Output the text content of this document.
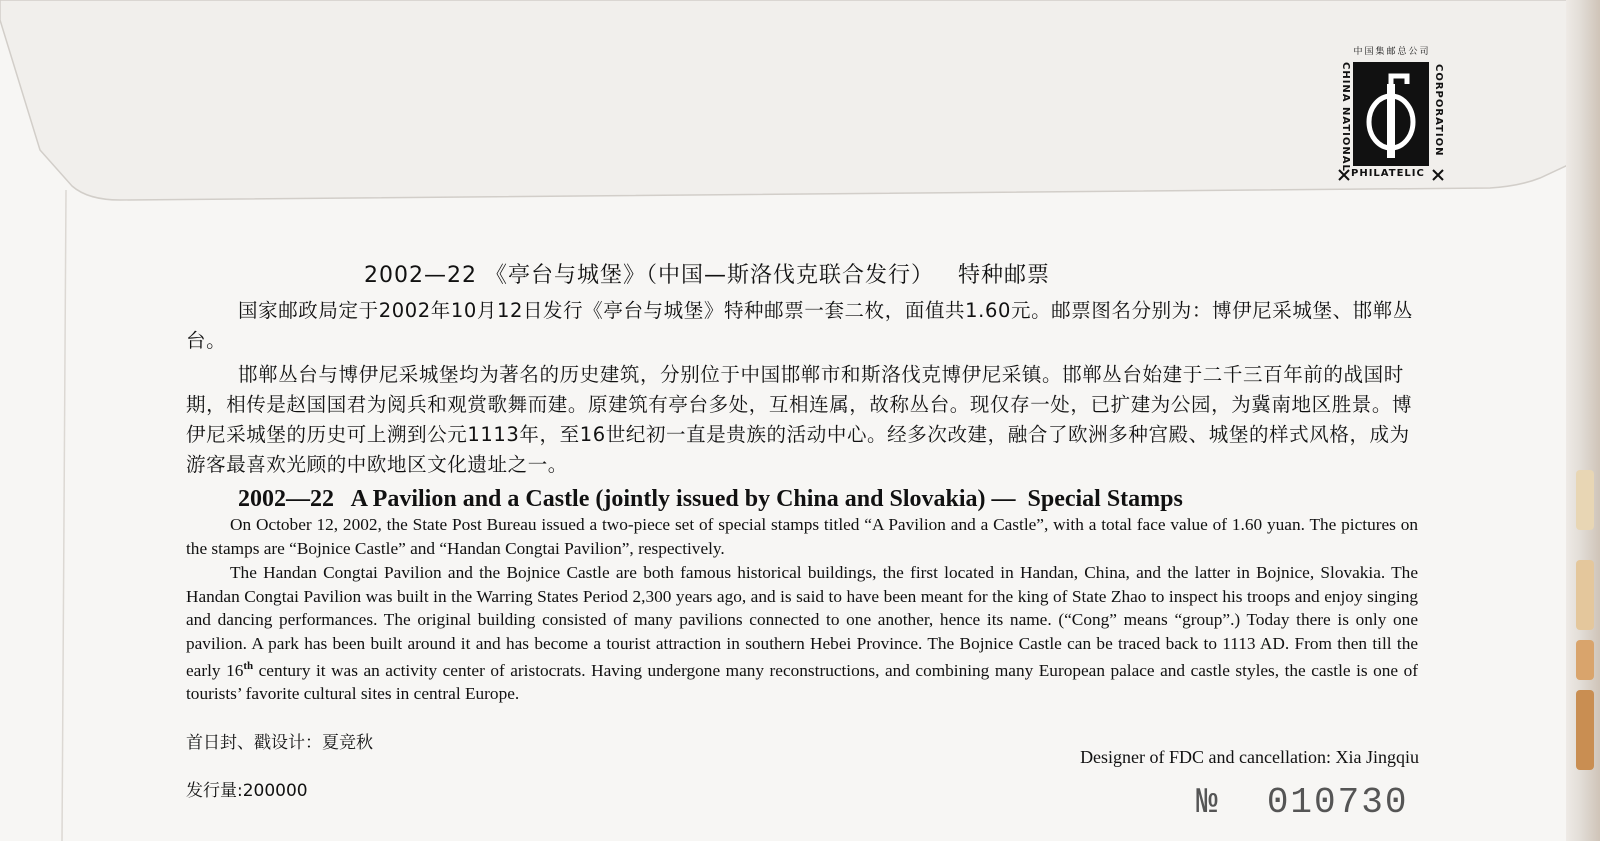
中国集邮总公司
CHINA NATIONAL	CORPORATION
PHILATELIC
2002—22 《亭台与城堡》（中国—斯洛伐克联合发行）   特种邮票
国家邮政局定于2002年10月12日发行《亭台与城堡》特种邮票一套二枚，面值共1.60元。邮票图名分别为：博伊尼采城堡、邯郸丛台。
邯郸丛台与博伊尼采城堡均为著名的历史建筑，分别位于中国邯郸市和斯洛伐克博伊尼采镇。邯郸丛台始建于二千三百年前的战国时期，相传是赵国国君为阅兵和观赏歌舞而建。原建筑有亭台多处，互相连属，故称丛台。现仅存一处，已扩建为公园，为冀南地区胜景。博伊尼采城堡的历史可上溯到公元1113年，至16世纪初一直是贵族的活动中心。经多次改建，融合了欧洲多种宫殿、城堡的样式风格，成为游客最喜欢光顾的中欧地区文化遗址之一。
2002—22   A Pavilion and a Castle (jointly issued by China and Slovakia) —  Special Stamps
On October 12, 2002, the State Post Bureau issued a two-piece set of special stamps titled “A Pavilion and a Castle”, with a total face value of 1.60 yuan. The pictures on the stamps are “Bojnice Castle” and “Handan Congtai Pavilion”, respectively.
The Handan Congtai Pavilion and the Bojnice Castle are both famous historical buildings, the first located in Handan, China, and the latter in Bojnice, Slovakia. The Handan Congtai Pavilion was built in the Warring States Period 2,300 years ago, and is said to have been meant for the king of State Zhao to inspect his troops and enjoy singing and dancing performances. The original building consisted of many pavilions connected to one another, hence its name. (“Cong” means “group”.) Today there is only one pavilion. A park has been built around it and has become a tourist attraction in southern Hebei Province. The Bojnice Castle can be traced back to 1113 AD. From then till the early 16th century it was an activity center of aristocrats. Having undergone many reconstructions, and combining many European palace and castle styles, the castle is one of tourists’ favorite cultural sites in central Europe.
首日封、戳设计：夏竞秋
发行量:200000
Designer of FDC and cancellation: Xia Jingqiu
№ 010730
